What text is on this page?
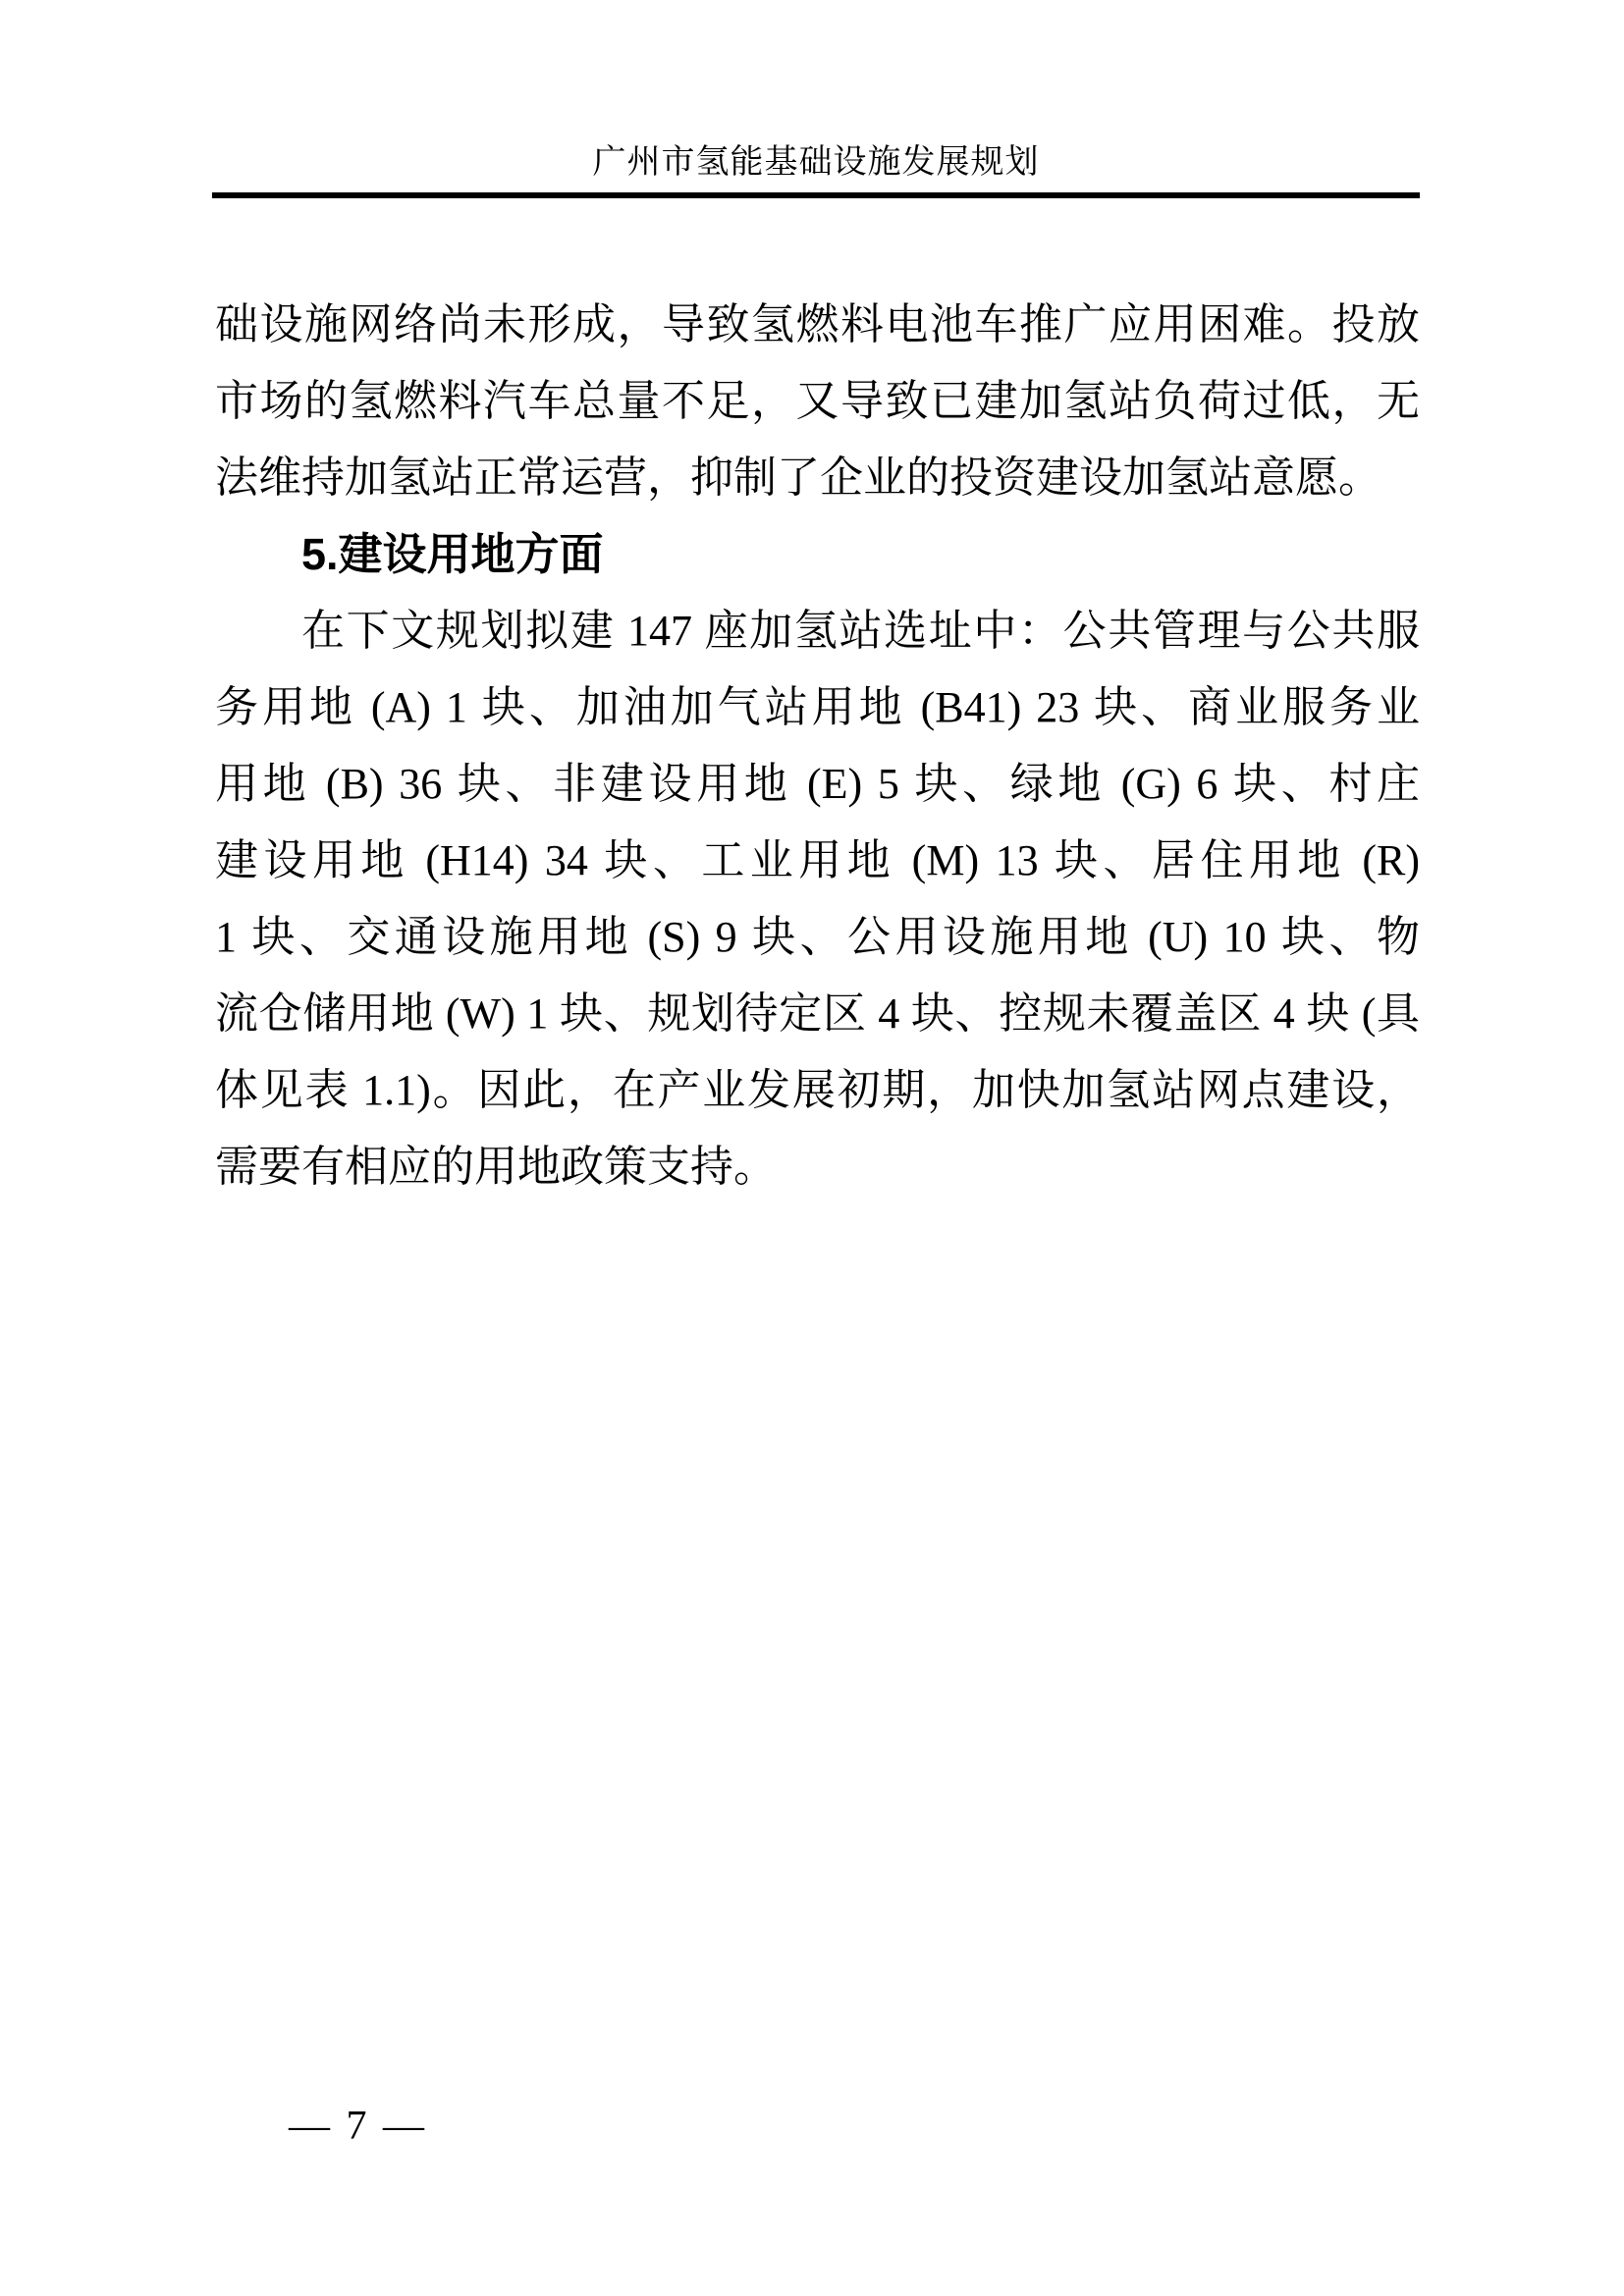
广州市氢能基础设施发展规划
础设施网络尚未形成，导致氢燃料电池车推广应用困难。投放
市场的氢燃料汽车总量不足，又导致已建加氢站负荷过低，无
法维持加氢站正常运营，抑制了企业的投资建设加氢站意愿。
5.建设用地方面
在下文规划拟建 147 座加氢站选址中：公共管理与公共服
务用地 (A) 1 块、加油加气站用地 (B41) 23 块、商业服务业
用地 (B) 36 块、非建设用地 (E) 5 块、绿地 (G) 6 块、村庄
建设用地 (H14) 34 块、工业用地 (M) 13 块、居住用地 (R)
1 块、交通设施用地 (S) 9 块、公用设施用地 (U) 10 块、物
流仓储用地 (W) 1 块、规划待定区 4 块、控规未覆盖区 4 块 (具
体见表 1.1)。因此，在产业发展初期，加快加氢站网点建设，
需要有相应的用地政策支持。
— 7 —
